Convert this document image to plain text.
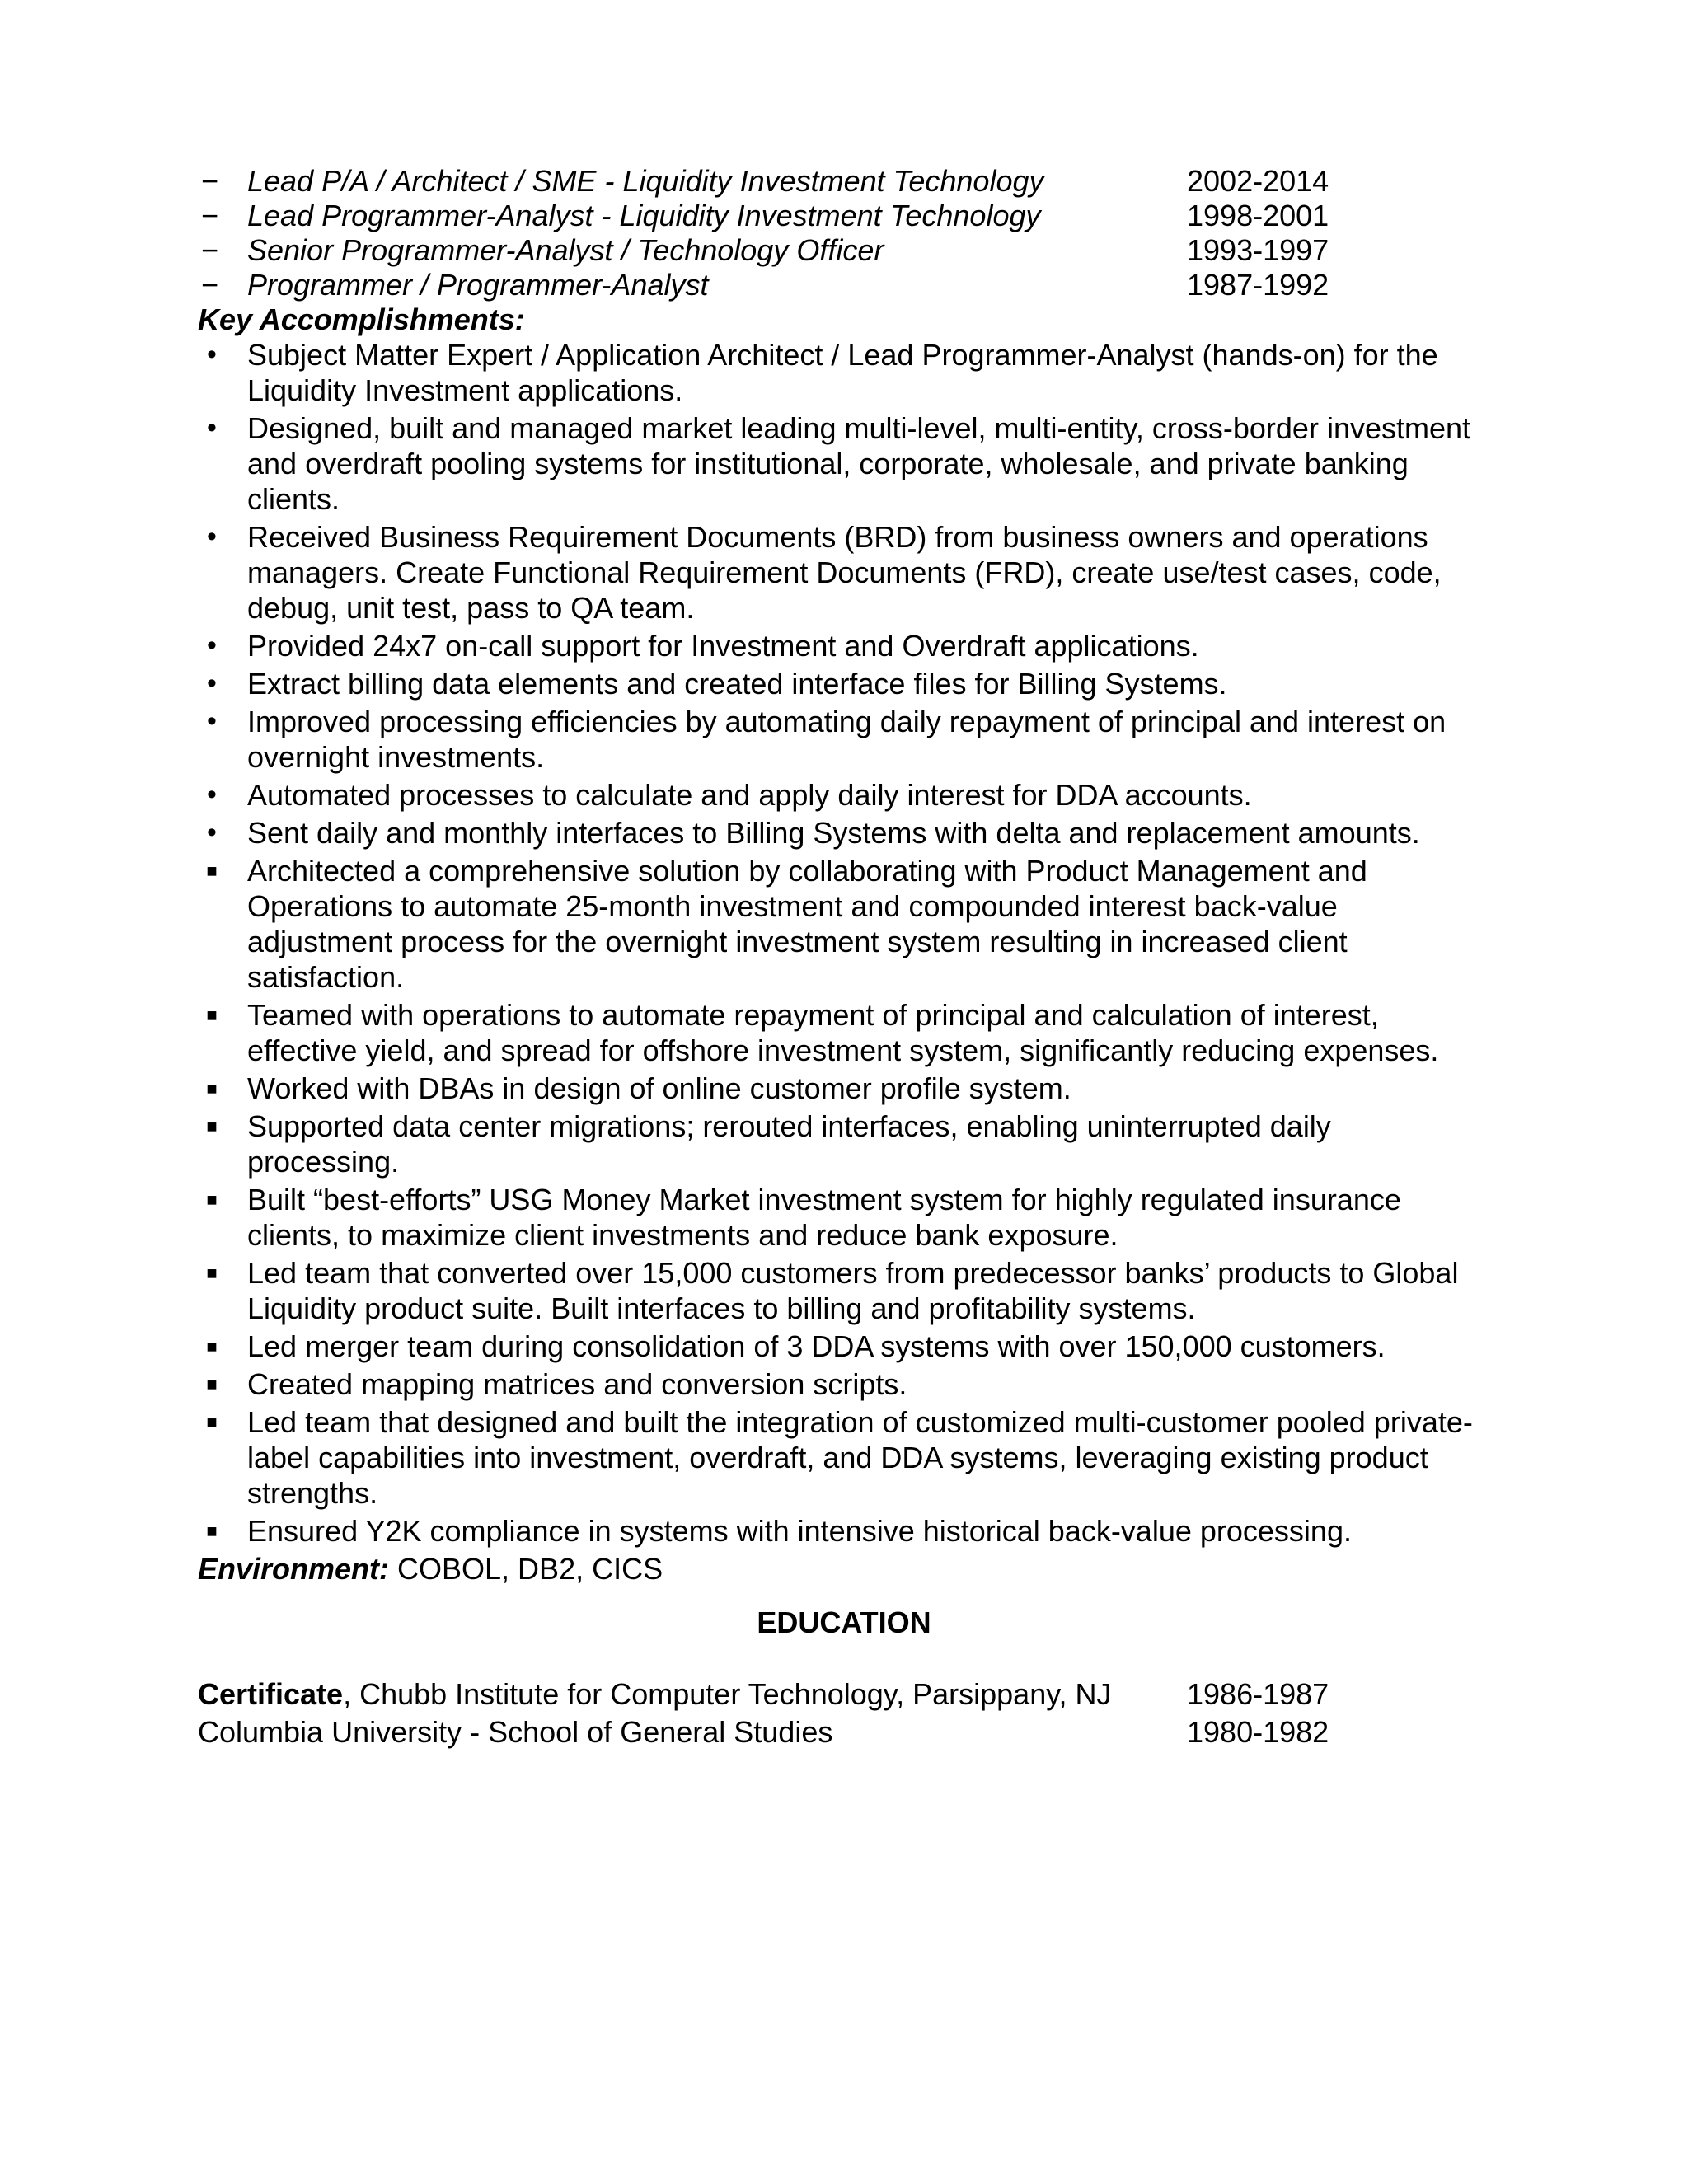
− Lead P/A / Architect / SME - Liquidity Investment Technology	2002-2014
− Lead Programmer-Analyst - Liquidity Investment Technology	1998-2001
− Senior Programmer-Analyst / Technology Officer	1993-1997
− Programmer / Programmer-Analyst	1987-1992
Key Accomplishments:
• Subject Matter Expert / Application Architect / Lead Programmer-Analyst (hands-on) for the Liquidity Investment applications.
• Designed, built and managed market leading multi-level, multi-entity, cross-border investment and overdraft pooling systems for institutional, corporate, wholesale, and private banking clients.
• Received Business Requirement Documents (BRD) from business owners and operations managers. Create Functional Requirement Documents (FRD), create use/test cases, code, debug, unit test, pass to QA team.
• Provided 24x7 on-call support for Investment and Overdraft applications.
• Extract billing data elements and created interface files for Billing Systems.
• Improved processing efficiencies by automating daily repayment of principal and interest on overnight investments.
• Automated processes to calculate and apply daily interest for DDA accounts.
• Sent daily and monthly interfaces to Billing Systems with delta and replacement amounts.
■ Architected a comprehensive solution by collaborating with Product Management and Operations to automate 25-month investment and compounded interest back-value adjustment process for the overnight investment system resulting in increased client satisfaction.
■ Teamed with operations to automate repayment of principal and calculation of interest, effective yield, and spread for offshore investment system, significantly reducing expenses.
■ Worked with DBAs in design of online customer profile system.
■ Supported data center migrations; rerouted interfaces, enabling uninterrupted daily processing.
■ Built “best-efforts” USG Money Market investment system for highly regulated insurance clients, to maximize client investments and reduce bank exposure.
■ Led team that converted over 15,000 customers from predecessor banks’ products to Global Liquidity product suite. Built interfaces to billing and profitability systems.
■ Led merger team during consolidation of 3 DDA systems with over 150,000 customers.
■ Created mapping matrices and conversion scripts.
■ Led team that designed and built the integration of customized multi-customer pooled private-label capabilities into investment, overdraft, and DDA systems, leveraging existing product strengths.
■ Ensured Y2K compliance in systems with intensive historical back-value processing.
Environment: COBOL, DB2, CICS
EDUCATION
Certificate, Chubb Institute for Computer Technology, Parsippany, NJ	1986-1987
Columbia University - School of General Studies	1980-1982
